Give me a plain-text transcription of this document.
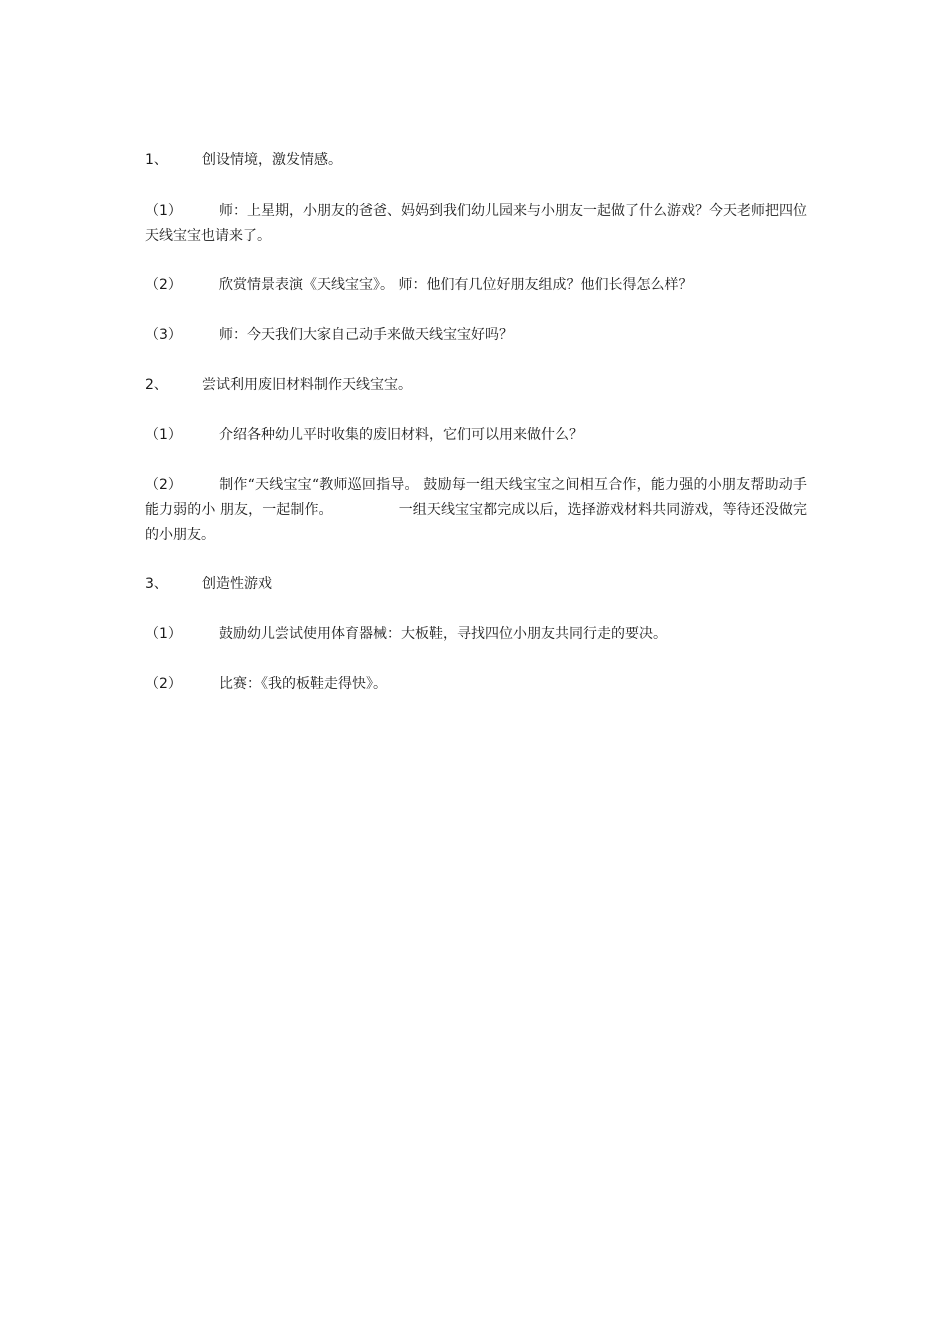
1、 创设情境，激发情感。
（1）	师：上星期，小朋友的爸爸、妈妈到我们幼儿园来与小朋友一起做了什么游戏？今天老师把四位天线宝宝也请来了。
（2）	欣赏情景表演《天线宝宝》。 师：他们有几位好朋友组成？他们长得怎么样？
（3）	师：今天我们大家自己动手来做天线宝宝好吗？
2、 尝试利用废旧材料制作天线宝宝。
（1）	介绍各种幼儿平时收集的废旧材料，它们可以用来做什么？
（2）	制作“天线宝宝“教师巡回指导。 鼓励每一组天线宝宝之间相互合作，能力强的小朋友帮助动手能力弱的小 朋友，一起制作。	一组天线宝宝都完成以后，选择游戏材料共同游戏，等待还没做完的小朋友。
3、 创造性游戏
（1）	鼓励幼儿尝试使用体育器械：大板鞋，寻找四位小朋友共同行走的要决。
（2）	比赛：《我的板鞋走得快》。
